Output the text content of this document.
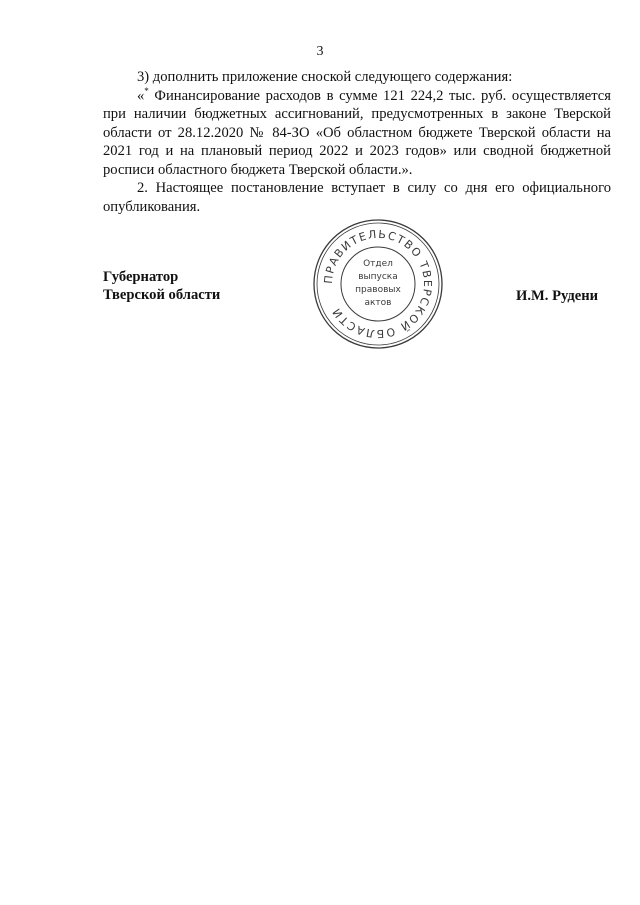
3

3) дополнить приложение сноской следующего содержания:

«* Финансирование расходов в сумме 121 224,2 тыс. руб. осуществляется при наличии бюджетных ассигнований, предусмотренных в законе Тверской области от 28.12.2020 № 84-ЗО «Об областном бюджете Тверской области на 2021 год и на плановый период 2022 и 2023 годов» или сводной бюджетной росписи областного бюджета Тверской области.».

2. Настоящее постановление вступает в силу со дня его официального опубликования.

Губернатор
Тверской области	И.М. Рудени
ПРАВИТЕЛЬСТВО ТВЕРСКОЙ ОБЛАСТИ
Отдел
выпуска
правовых
актов
